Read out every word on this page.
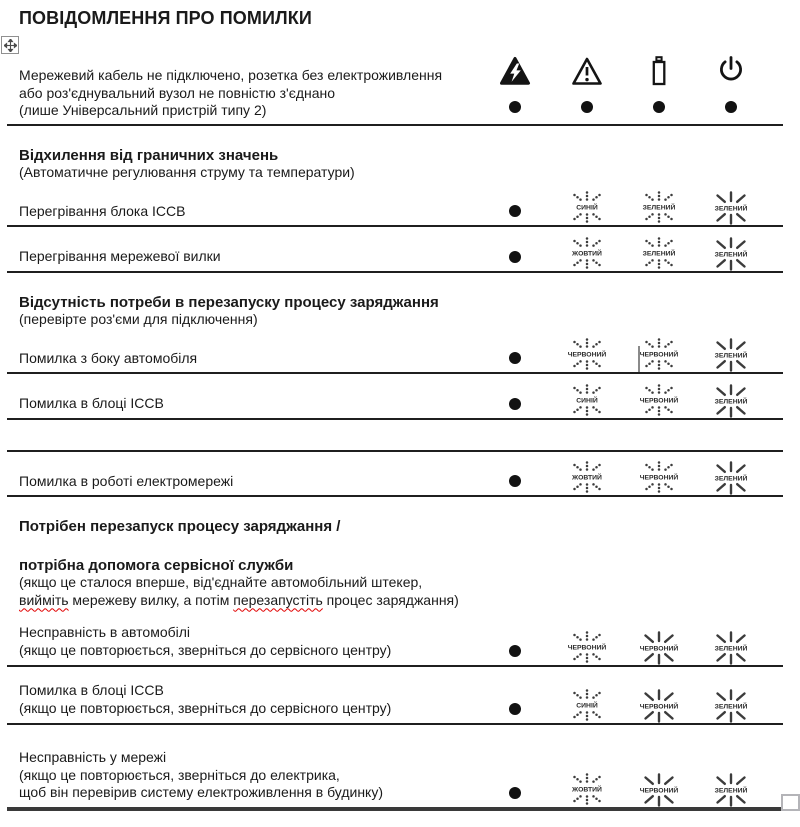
ПОВІДОМЛЕННЯ ПРО ПОМИЛКИ
Мережевий кабель не підключено, розетка без електроживлення
або роз'єднувальний вузол не повністю з'єднано
(лише Універсальний пристрій типу 2)
Відхилення від граничних значень
(Автоматичне регулювання струму та температури)
Перегрівання блока ICCB	СИНІЙ	ЗЕЛЕНИЙ	ЗЕЛЕНИЙ
Перегрівання мережевої вилки	ЖОВТИЙ	ЗЕЛЕНИЙ	ЗЕЛЕНИЙ
Відсутність потреби в перезапуску процесу заряджання
(перевірте роз'єми для підключення)
Помилка з боку автомобіля	ЧЕРВОНИЙ	ЧЕРВОНИЙ	ЗЕЛЕНИЙ
Помилка в блоці ICCB	СИНІЙ	ЧЕРВОНИЙ	ЗЕЛЕНИЙ
Помилка в роботі електромережі	ЖОВТИЙ	ЧЕРВОНИЙ	ЗЕЛЕНИЙ
Потрібен перезапуск процесу заряджання /
потрібна допомога сервісної служби
(якщо це сталося вперше, від'єднайте автомобільний штекер,
вийміть мережеву вилку, а потім перезапустіть процес заряджання)
Несправність в автомобілі
(якщо це повторюється, зверніться до сервісного центру)	ЧЕРВОНИЙ	ЧЕРВОНИЙ	ЗЕЛЕНИЙ
Помилка в блоці ICCB
(якщо це повторюється, зверніться до сервісного центру)	СИНІЙ	ЧЕРВОНИЙ	ЗЕЛЕНИЙ
Несправність у мережі
(якщо це повторюється, зверніться до електрика,
щоб він перевірив систему електроживлення в будинку)	ЖОВТИЙ	ЧЕРВОНИЙ	ЗЕЛЕНИЙ
